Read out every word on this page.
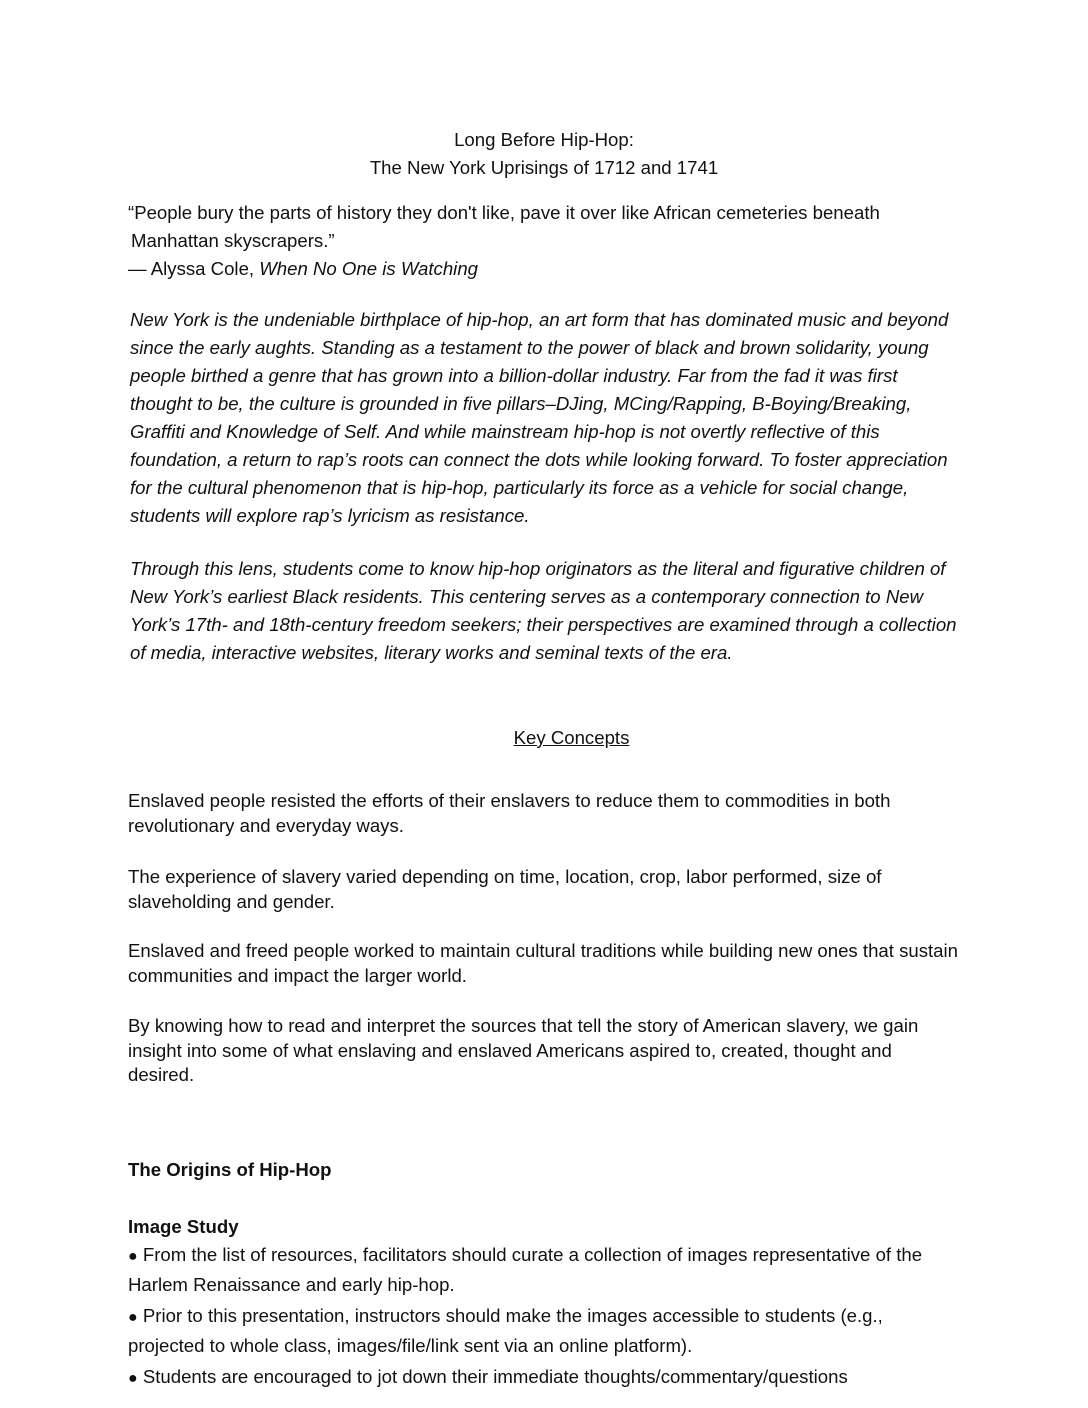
Long Before Hip-Hop:
The New York Uprisings of 1712 and 1741
“People bury the parts of history they don't like, pave it over like African cemeteries beneath
Manhattan skyscrapers.”
— Alyssa Cole, When No One is Watching

New York is the undeniable birthplace of hip-hop, an art form that has dominated music and beyond since the early aughts. Standing as a testament to the power of black and brown solidarity, young people birthed a genre that has grown into a billion-dollar industry. Far from the fad it was first thought to be, the culture is grounded in five pillars–DJing, MCing/Rapping, B-Boying/Breaking, Graffiti and Knowledge of Self. And while mainstream hip-hop is not overtly reflective of this foundation, a return to rap’s roots can connect the dots while looking forward. To foster appreciation for the cultural phenomenon that is hip-hop, particularly its force as a vehicle for social change, students will explore rap’s lyricism as resistance.

Through this lens, students come to know hip-hop originators as the literal and figurative children of New York’s earliest Black residents. This centering serves as a contemporary connection to New York’s 17th- and 18th-century freedom seekers; their perspectives are examined through a collection of media, interactive websites, literary works and seminal texts of the era.

Key Concepts

Enslaved people resisted the efforts of their enslavers to reduce them to commodities in both revolutionary and everyday ways.

The experience of slavery varied depending on time, location, crop, labor performed, size of slaveholding and gender.

Enslaved and freed people worked to maintain cultural traditions while building new ones that sustain communities and impact the larger world.

By knowing how to read and interpret the sources that tell the story of American slavery, we gain insight into some of what enslaving and enslaved Americans aspired to, created, thought and desired.

The Origins of Hip-Hop
Image Study
● From the list of resources, facilitators should curate a collection of images representative of the Harlem Renaissance and early hip-hop.
● Prior to this presentation, instructors should make the images accessible to students (e.g., projected to whole class, images/file/link sent via an online platform).
● Students are encouraged to jot down their immediate thoughts/commentary/questions
